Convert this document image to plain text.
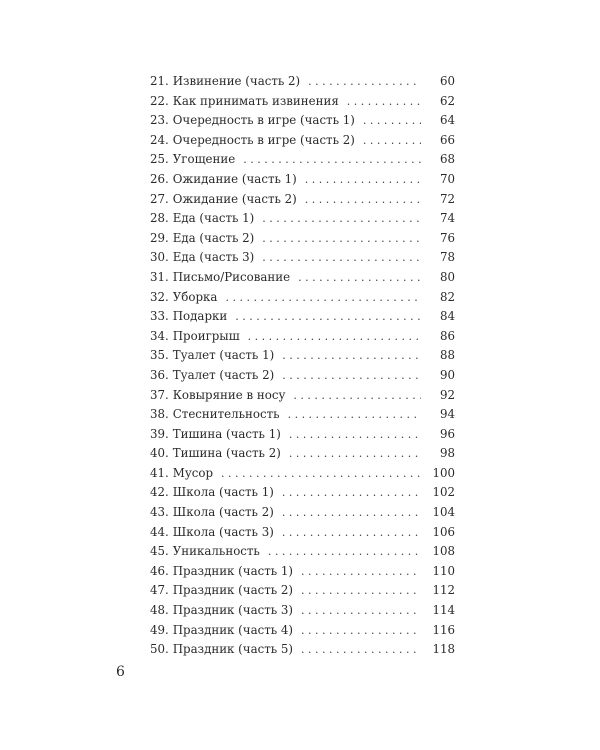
21. Извинение (часть 2) . . .	60
22. Как принимать извинения . . .	62
23. Очередность в игре (часть 1) . . .	64
24. Очередность в игре (часть 2) . . .	66
25. Угощение . . .	68
26. Ожидание (часть 1) . . .	70
27. Ожидание (часть 2) . . .	72
28. Еда (часть 1) . . .	74
29. Еда (часть 2) . . .	76
30. Еда (часть 3) . . .	78
31. Письмо/Рисование . . .	80
32. Уборка . . .	82
33. Подарки . . .	84
34. Проигрыш . . .	86
35. Туалет (часть 1) . . .	88
36. Туалет (часть 2) . . .	90
37. Ковыряние в носу . . .	92
38. Стеснительность . . .	94
39. Тишина (часть 1) . . .	96
40. Тишина (часть 2) . . .	98
41. Мусор . . .	100
42. Школа (часть 1) . . .	102
43. Школа (часть 2) . . .	104
44. Школа (часть 3) . . .	106
45. Уникальность . . .	108
46. Праздник (часть 1) . . .	110
47. Праздник (часть 2) . . .	112
48. Праздник (часть 3) . . .	114
49. Праздник (часть 4) . . .	116
50. Праздник (часть 5) . . .	118
6
